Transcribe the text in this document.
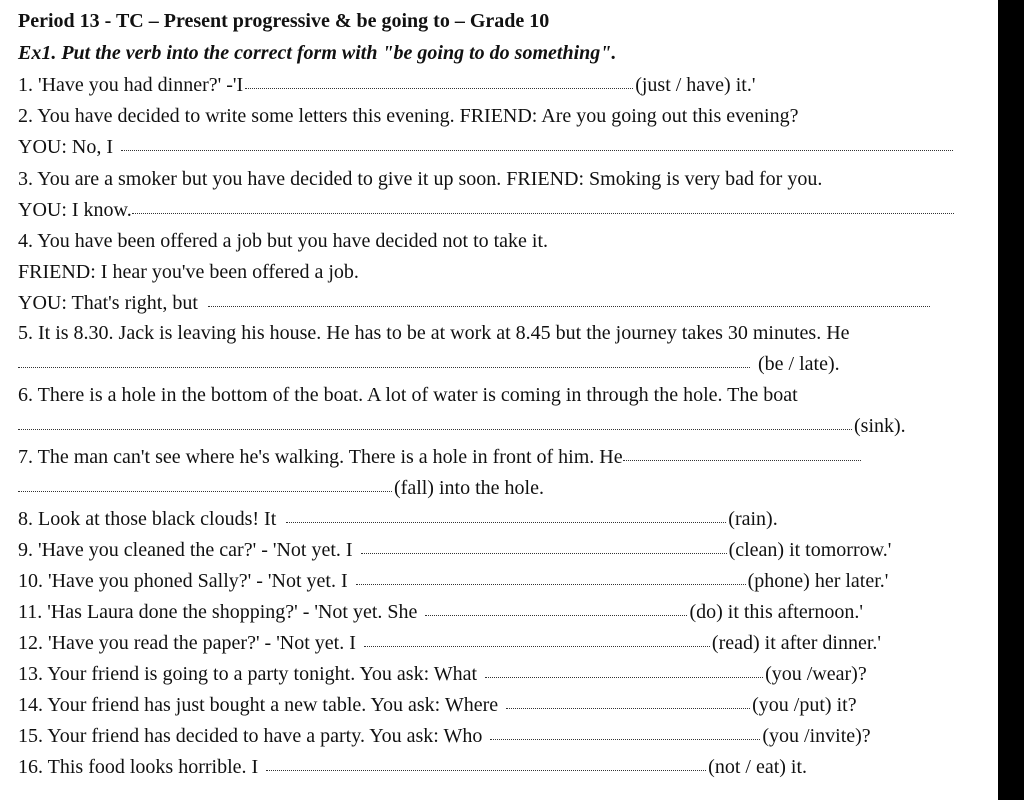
Period 13 - TC – Present progressive & be going to – Grade 10
Ex1. Put the verb into the correct form with "be going to do something".
1. 'Have you had dinner?' -'I	(just / have) it.'
2. You have decided to write some letters this evening. FRIEND: Are you going out this evening?
YOU: No, I
3. You are a smoker but you have decided to give it up soon. FRIEND: Smoking is very bad for you.
YOU: I know.
4. You have been offered a job but you have decided not to take it.
FRIEND: I hear you've been offered a job.
YOU: That's right, but
5. It is 8.30. Jack is leaving his house. He has to be at work at 8.45 but the journey takes 30 minutes. He
(be / late).
6. There is a hole in the bottom of the boat. A lot of water is coming in through the hole. The boat
(sink).
7. The man can't see where he's walking. There is a hole in front of him. He
(fall) into the hole.
8. Look at those black clouds! It	(rain).
9. 'Have you cleaned the car?' - 'Not yet. I	(clean) it tomorrow.'
10. 'Have you phoned Sally?' - 'Not yet. I	(phone) her later.'
11. 'Has Laura done the shopping?' - 'Not yet. She	(do) it this afternoon.'
12. 'Have you read the paper?' - 'Not yet. I	(read) it after dinner.'
13. Your friend is going to a party tonight. You ask: What	(you /wear)?
14. Your friend has just bought a new table. You ask: Where	(you /put) it?
15. Your friend has decided to have a party. You ask: Who	(you /invite)?
16. This food looks horrible. I	(not / eat) it.
